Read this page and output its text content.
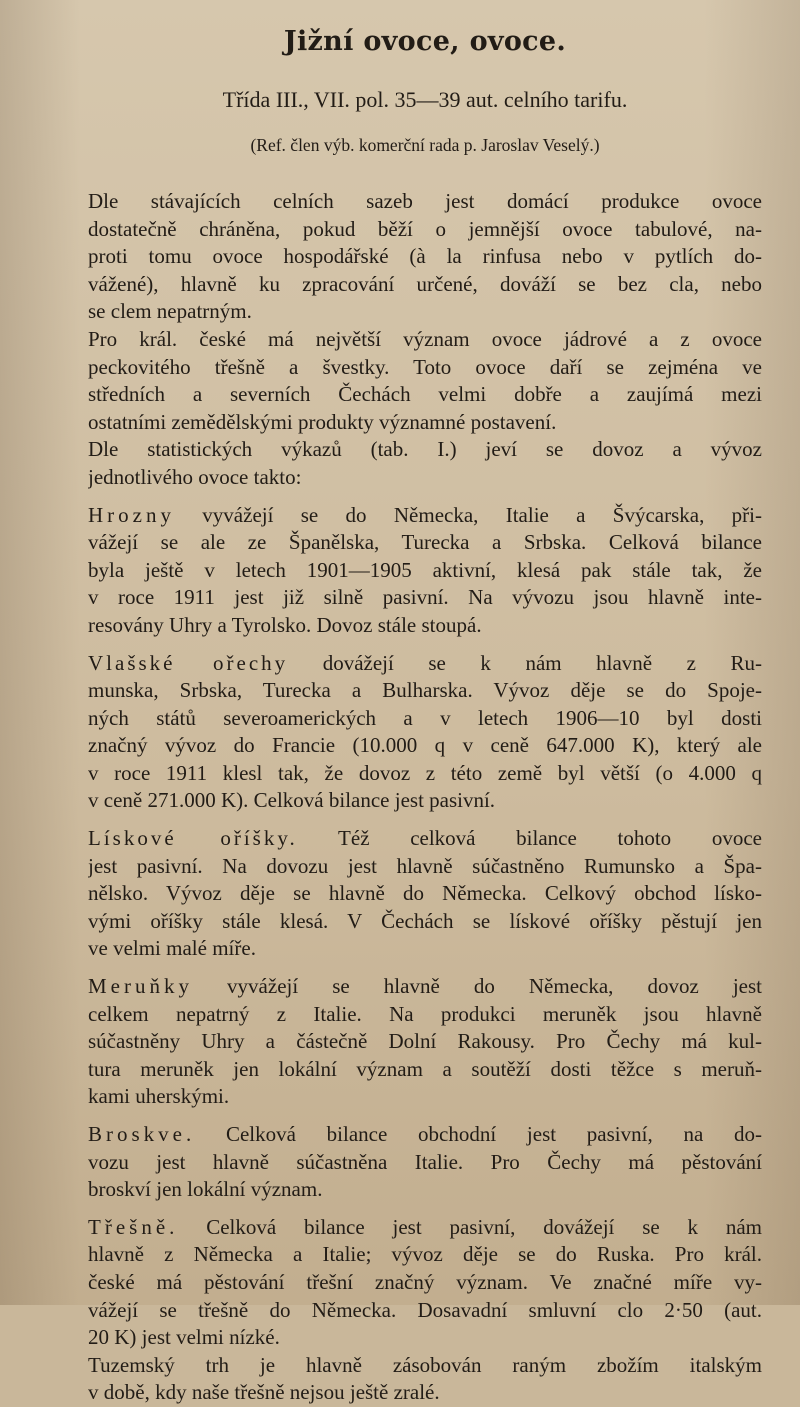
Jižní ovoce, ovoce.
Třída III., VII. pol. 35—39 aut. celního tarifu.
(Ref. člen výb. komerční rada p. Jaroslav Veselý.)
Dle stávajících celních sazeb jest domácí produkce ovoce
dostatečně chráněna, pokud běží o jemnější ovoce tabulové, na-
proti tomu ovoce hospodářské (à la rinfusa nebo v pytlích do-
vážené), hlavně ku zpracování určené, dováží se bez cla, nebo
se clem nepatrným.
Pro král. české má největší význam ovoce jádrové a z ovoce
peckovitého třešně a švestky. Toto ovoce daří se zejména ve
středních a severních Čechách velmi dobře a zaujímá mezi
ostatními zemědělskými produkty významné postavení.
Dle statistických výkazů (tab. I.) jeví se dovoz a vývoz
jednotlivého ovoce takto:
Hrozny vyvážejí se do Německa, Italie a Švýcarska, při-
vážejí se ale ze Španělska, Turecka a Srbska. Celková bilance
byla ještě v letech 1901—1905 aktivní, klesá pak stále tak, že
v roce 1911 jest již silně pasivní. Na vývozu jsou hlavně inte-
resovány Uhry a Tyrolsko. Dovoz stále stoupá.
Vlašské ořechy dovážejí se k nám hlavně z Ru-
munska, Srbska, Turecka a Bulharska. Vývoz děje se do Spoje-
ných států severoamerických a v letech 1906—10 byl dosti
značný vývoz do Francie (10.000 q v ceně 647.000 K), který ale
v roce 1911 klesl tak, že dovoz z této země byl větší (o 4.000 q
v ceně 271.000 K). Celková bilance jest pasivní.
Lískové oříšky. Též celková bilance tohoto ovoce
jest pasivní. Na dovozu jest hlavně súčastněno Rumunsko a Špa-
nělsko. Vývoz děje se hlavně do Německa. Celkový obchod lísko-
vými oříšky stále klesá. V Čechách se lískové oříšky pěstují jen
ve velmi malé míře.
Meruňky vyvážejí se hlavně do Německa, dovoz jest
celkem nepatrný z Italie. Na produkci meruněk jsou hlavně
súčastněny Uhry a částečně Dolní Rakousy. Pro Čechy má kul-
tura meruněk jen lokální význam a soutěží dosti těžce s meruň-
kami uherskými.
Broskve. Celková bilance obchodní jest pasivní, na do-
vozu jest hlavně súčastněna Italie. Pro Čechy má pěstování
broskví jen lokální význam.
Třešně. Celková bilance jest pasivní, dovážejí se k nám
hlavně z Německa a Italie; vývoz děje se do Ruska. Pro král.
české má pěstování třešní značný význam. Ve značné míře vy-
vážejí se třešně do Německa. Dosavadní smluvní clo 2·50 (aut.
20 K) jest velmi nízké.
Tuzemský trh je hlavně zásobován raným zbožím italským
v době, kdy naše třešně nejsou ještě zralé.
